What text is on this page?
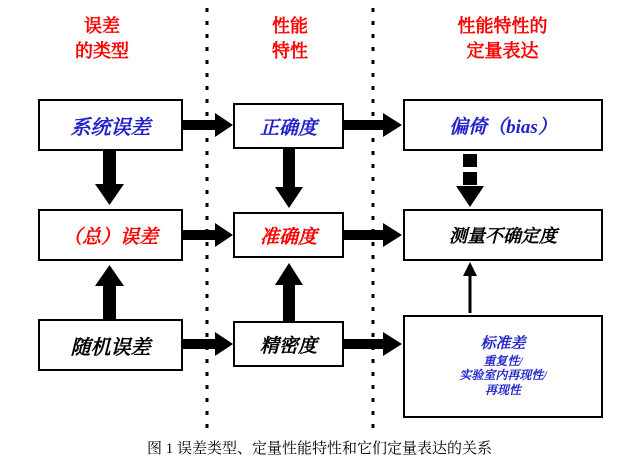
误差
的类型
性能
特性
性能特性的
定量表达
系统误差
（总）误差
随机误差
正确度
准确度
精密度
偏倚（bias）
测量不确定度
标准差
重复性/
实验室内再现性/
再现性
图 1 误差类型、定量性能特性和它们定量表达的关系
